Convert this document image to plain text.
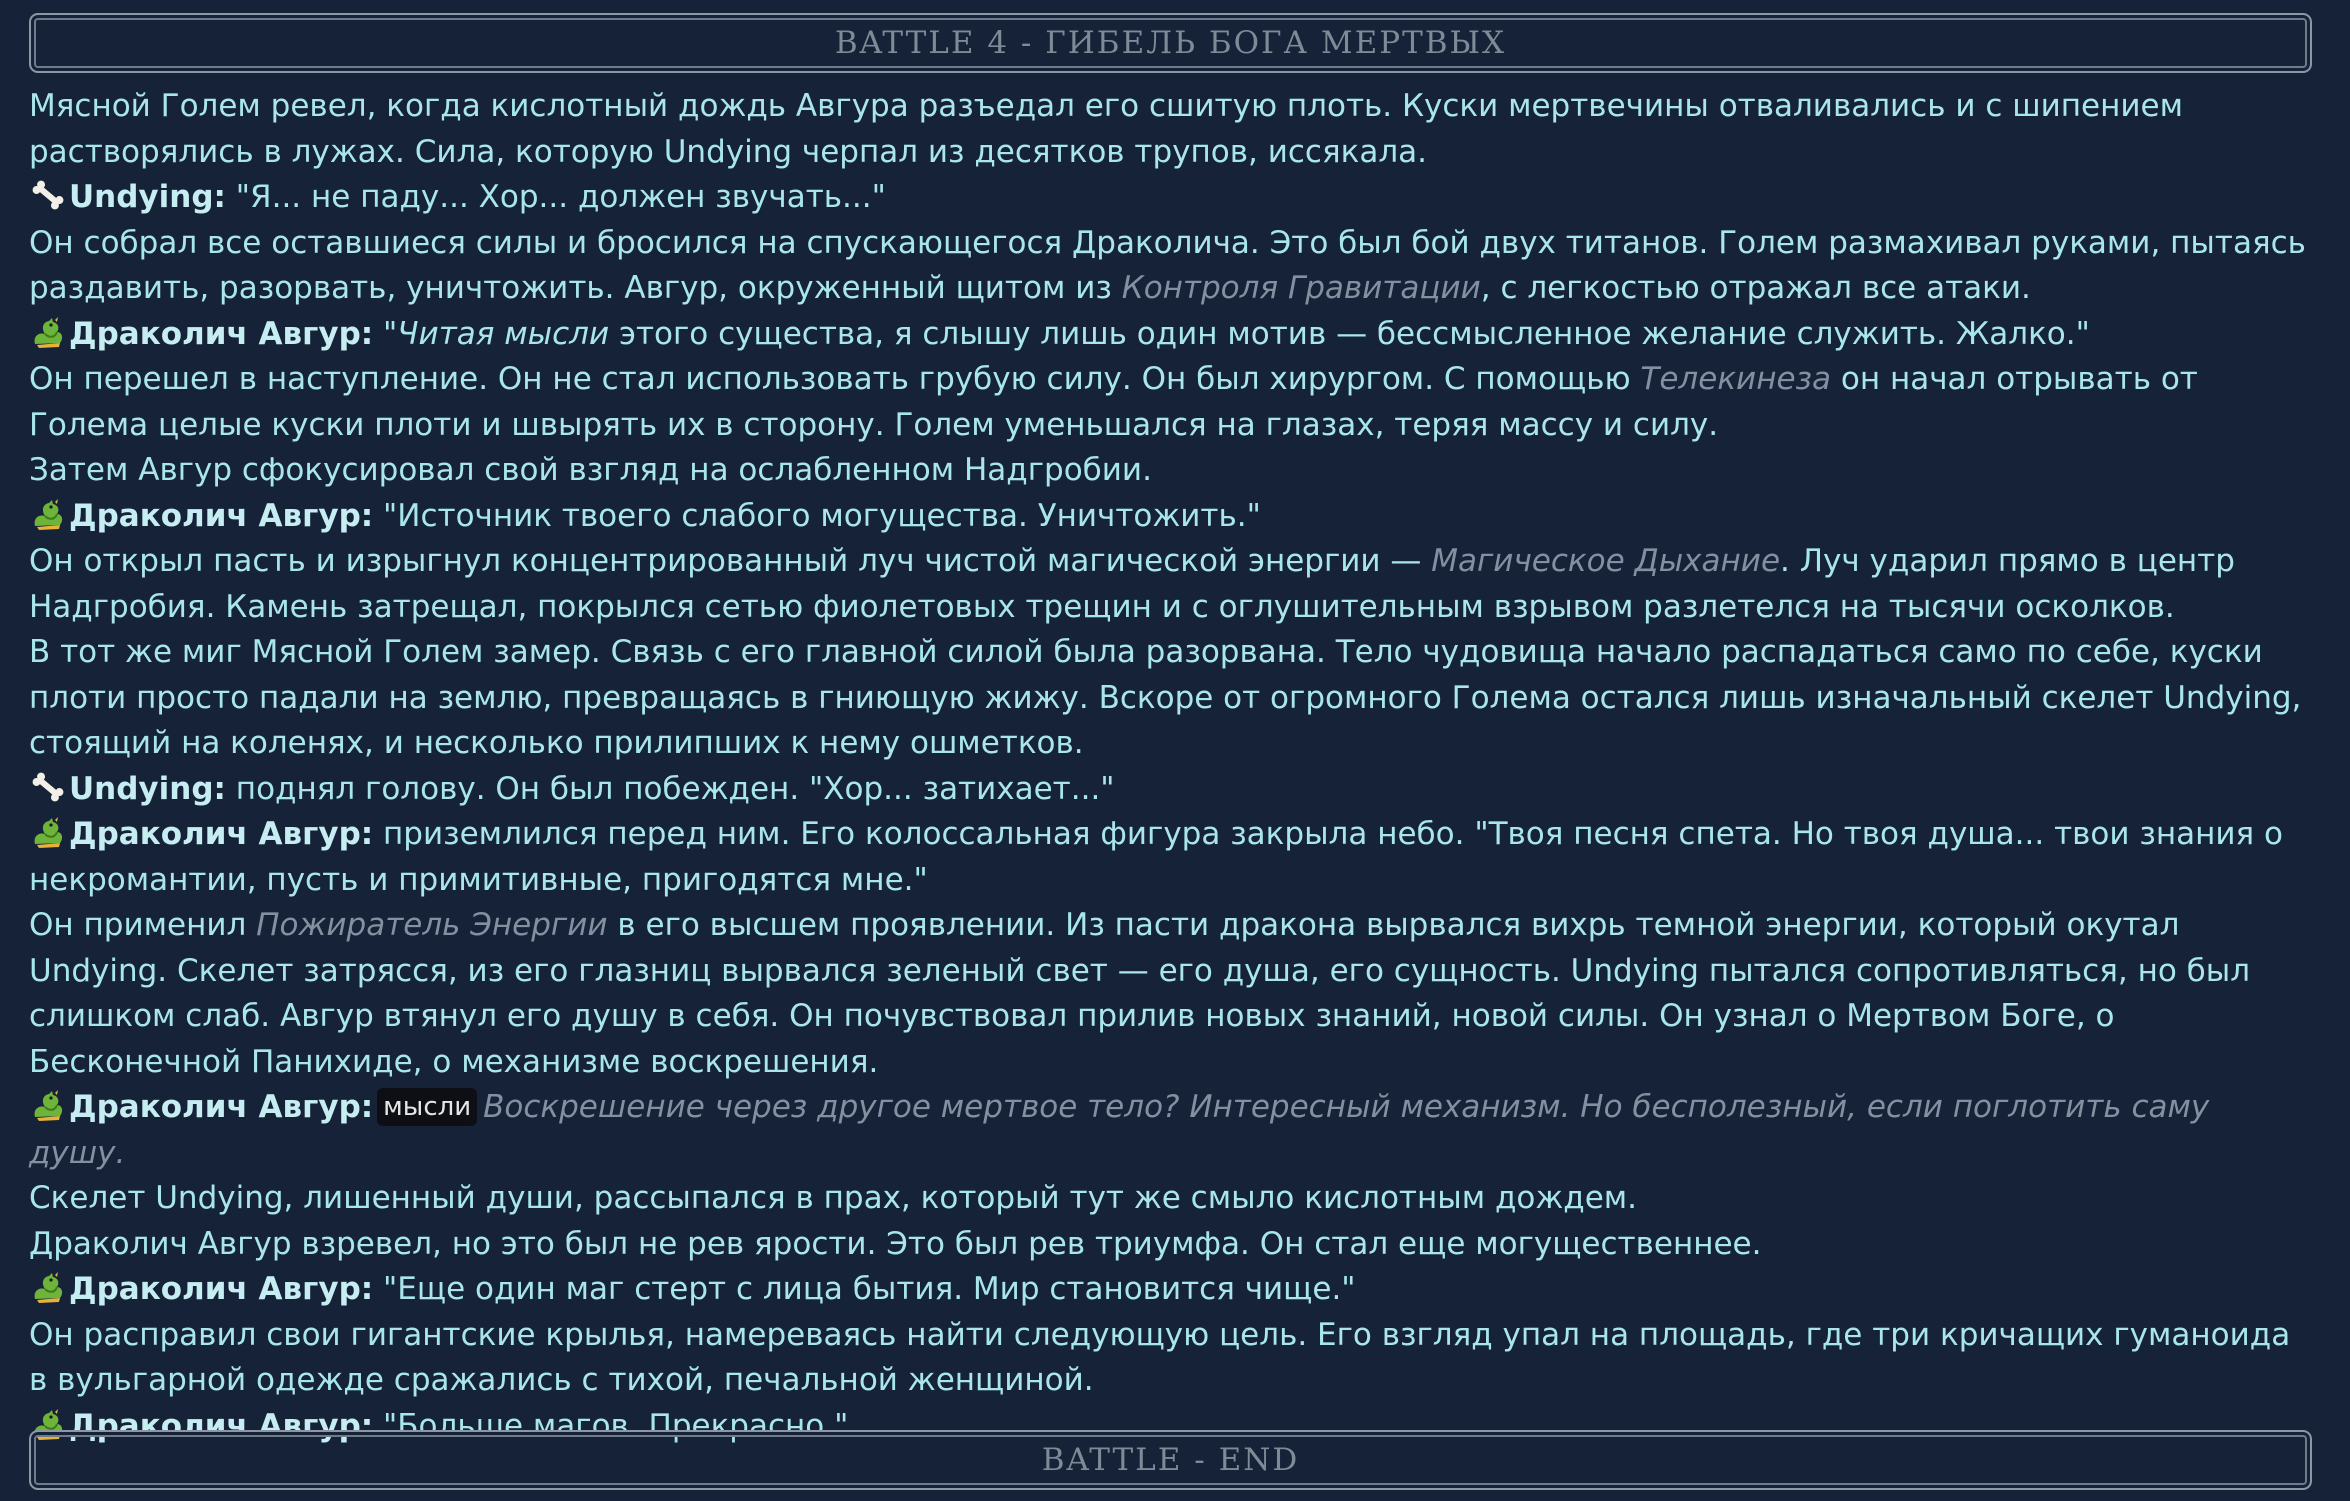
BATTLE 4 - ГИБЕЛЬ БОГА МЕРТВЫХ
Мясной Голем ревел, когда кислотный дождь Авгура разъедал его сшитую плоть. Куски мертвечины отваливались и с шипением растворялись в лужах. Сила, которую Undying черпал из десятков трупов, иссякала.
Undying: "Я... не паду... Хор... должен звучать..."
Он собрал все оставшиеся силы и бросился на спускающегося Драколича. Это был бой двух титанов. Голем размахивал руками, пытаясь раздавить, разорвать, уничтожить. Авгур, окруженный щитом из Контроля Гравитации, с легкостью отражал все атаки.
Драколич Авгур: "Читая мысли этого существа, я слышу лишь один мотив — бессмысленное желание служить. Жалко."
Он перешел в наступление. Он не стал использовать грубую силу. Он был хирургом. С помощью Телекинеза он начал отрывать от Голема целые куски плоти и швырять их в сторону. Голем уменьшался на глазах, теряя массу и силу.
Затем Авгур сфокусировал свой взгляд на ослабленном Надгробии.
Драколич Авгур: "Источник твоего слабого могущества. Уничтожить."
Он открыл пасть и изрыгнул концентрированный луч чистой магической энергии — Магическое Дыхание. Луч ударил прямо в центр Надгробия. Камень затрещал, покрылся сетью фиолетовых трещин и с оглушительным взрывом разлетелся на тысячи осколков.
В тот же миг Мясной Голем замер. Связь с его главной силой была разорвана. Тело чудовища начало распадаться само по себе, куски плоти просто падали на землю, превращаясь в гниющую жижу. Вскоре от огромного Голема остался лишь изначальный скелет Undying, стоящий на коленях, и несколько прилипших к нему ошметков.
Undying: поднял голову. Он был побежден. "Хор... затихает..."
Драколич Авгур: приземлился перед ним. Его колоссальная фигура закрыла небо. "Твоя песня спета. Но твоя душа... твои знания о некромантии, пусть и примитивные, пригодятся мне."
Он применил Пожиратель Энергии в его высшем проявлении. Из пасти дракона вырвался вихрь темной энергии, который окутал Undying. Скелет затрясся, из его глазниц вырвался зеленый свет — его душа, его сущность. Undying пытался сопротивляться, но был слишком слаб. Авгур втянул его душу в себя. Он почувствовал прилив новых знаний, новой силы. Он узнал о Мертвом Боге, о Бесконечной Панихиде, о механизме воскрешения.
Драколич Авгур: мысли Воскрешение через другое мертвое тело? Интересный механизм. Но бесполезный, если поглотить саму душу.
Скелет Undying, лишенный души, рассыпался в прах, который тут же смыло кислотным дождем.
Драколич Авгур взревел, но это был не рев ярости. Это был рев триумфа. Он стал еще могущественнее.
Драколич Авгур: "Еще один маг стерт с лица бытия. Мир становится чище."
Он расправил свои гигантские крылья, намереваясь найти следующую цель. Его взгляд упал на площадь, где три кричащих гуманоида в вульгарной одежде сражались с тихой, печальной женщиной.
Драколич Авгур: "Больше магов. Прекрасно."
BATTLE - END
